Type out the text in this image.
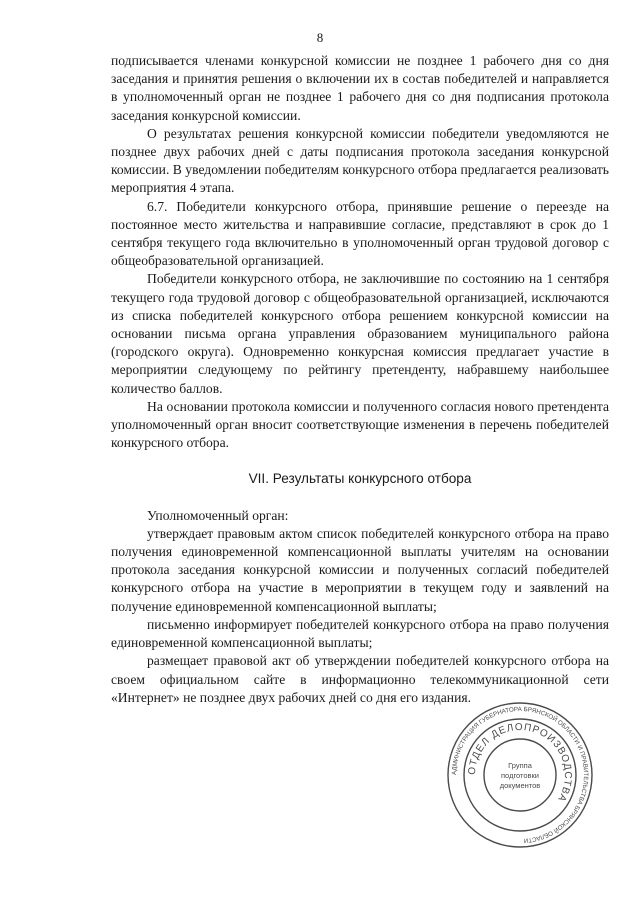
8

подписывается членами конкурсной комиссии не позднее 1 рабочего дня со дня заседания и принятия решения о включении их в состав победителей и направляется в уполномоченный орган не позднее 1 рабочего дня со дня подписания протокола заседания конкурсной комиссии.

О результатах решения конкурсной комиссии победители уведомляются не позднее двух рабочих дней с даты подписания протокола заседания конкурсной комиссии. В уведомлении победителям конкурсного отбора предлагается реализовать мероприятия 4 этапа.

6.7. Победители конкурсного отбора, принявшие решение о переезде на постоянное место жительства и направившие согласие, представляют в срок до 1 сентября текущего года включительно в уполномоченный орган трудовой договор с общеобразовательной организацией.

Победители конкурсного отбора, не заключившие по состоянию на 1 сентября текущего года трудовой договор с общеобразовательной организацией, исключаются из списка победителей конкурсного отбора решением конкурсной комиссии на основании письма органа управления образованием муниципального района (городского округа). Одновременно конкурсная комиссия предлагает участие в мероприятии следующему по рейтингу претенденту, набравшему наибольшее количество баллов.

На основании протокола комиссии и полученного согласия нового претендента уполномоченный орган вносит соответствующие изменения в перечень победителей конкурсного отбора.

VII. Результаты конкурсного отбора

Уполномоченный орган:

утверждает правовым актом список победителей конкурсного отбора на право получения единовременной компенсационной выплаты учителям на основании протокола заседания конкурсной комиссии и полученных согласий победителей конкурсного отбора на участие в мероприятии в текущем году и заявлений на получение единовременной компенсационной выплаты;

письменно информирует победителей конкурсного отбора на право получения единовременной компенсационной выплаты;

размещает правовой акт об утверждении победителей конкурсного отбора на своем официальном сайте в информационно телекоммуникационной сети «Интернет» не позднее двух рабочих дней со дня его издания.

АДМИНИСТРАЦИЯ ГУБЕРНАТОРА БРЯНСКОЙ ОБЛАСТИ И ПРАВИТЕЛЬСТВА БРЯНСКОЙ ОБЛАСТИ
ОТДЕЛ ДЕЛОПРОИЗВОДСТВА
Группа
подготовки
документов
